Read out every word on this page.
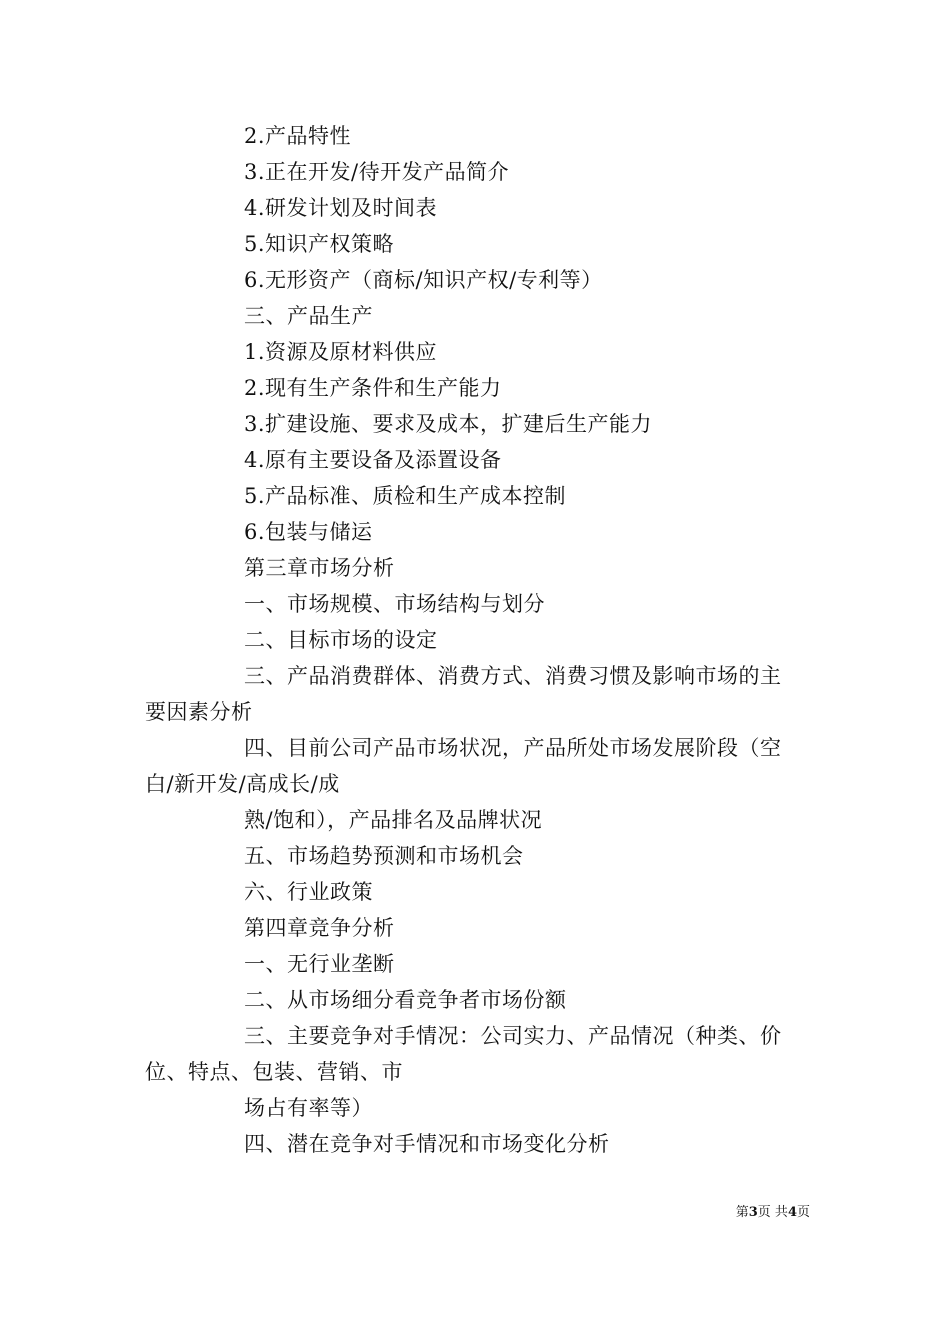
2.产品特性
3.正在开发/待开发产品简介
4.研发计划及时间表
5.知识产权策略
6.无形资产（商标/知识产权/专利等）
三、产品生产
1.资源及原材料供应
2.现有生产条件和生产能力
3.扩建设施、要求及成本，扩建后生产能力
4.原有主要设备及添置设备
5.产品标准、质检和生产成本控制
6.包装与储运
第三章市场分析
一、市场规模、市场结构与划分
二、目标市场的设定
三、产品消费群体、消费方式、消费习惯及影响市场的主
要因素分析
四、目前公司产品市场状况，产品所处市场发展阶段（空
白/新开发/高成长/成
熟/饱和），产品排名及品牌状况
五、市场趋势预测和市场机会
六、行业政策
第四章竞争分析
一、无行业垄断
二、从市场细分看竞争者市场份额
三、主要竞争对手情况：公司实力、产品情况（种类、价
位、特点、包装、营销、市
场占有率等）
四、潜在竞争对手情况和市场变化分析
第3页 共4页
